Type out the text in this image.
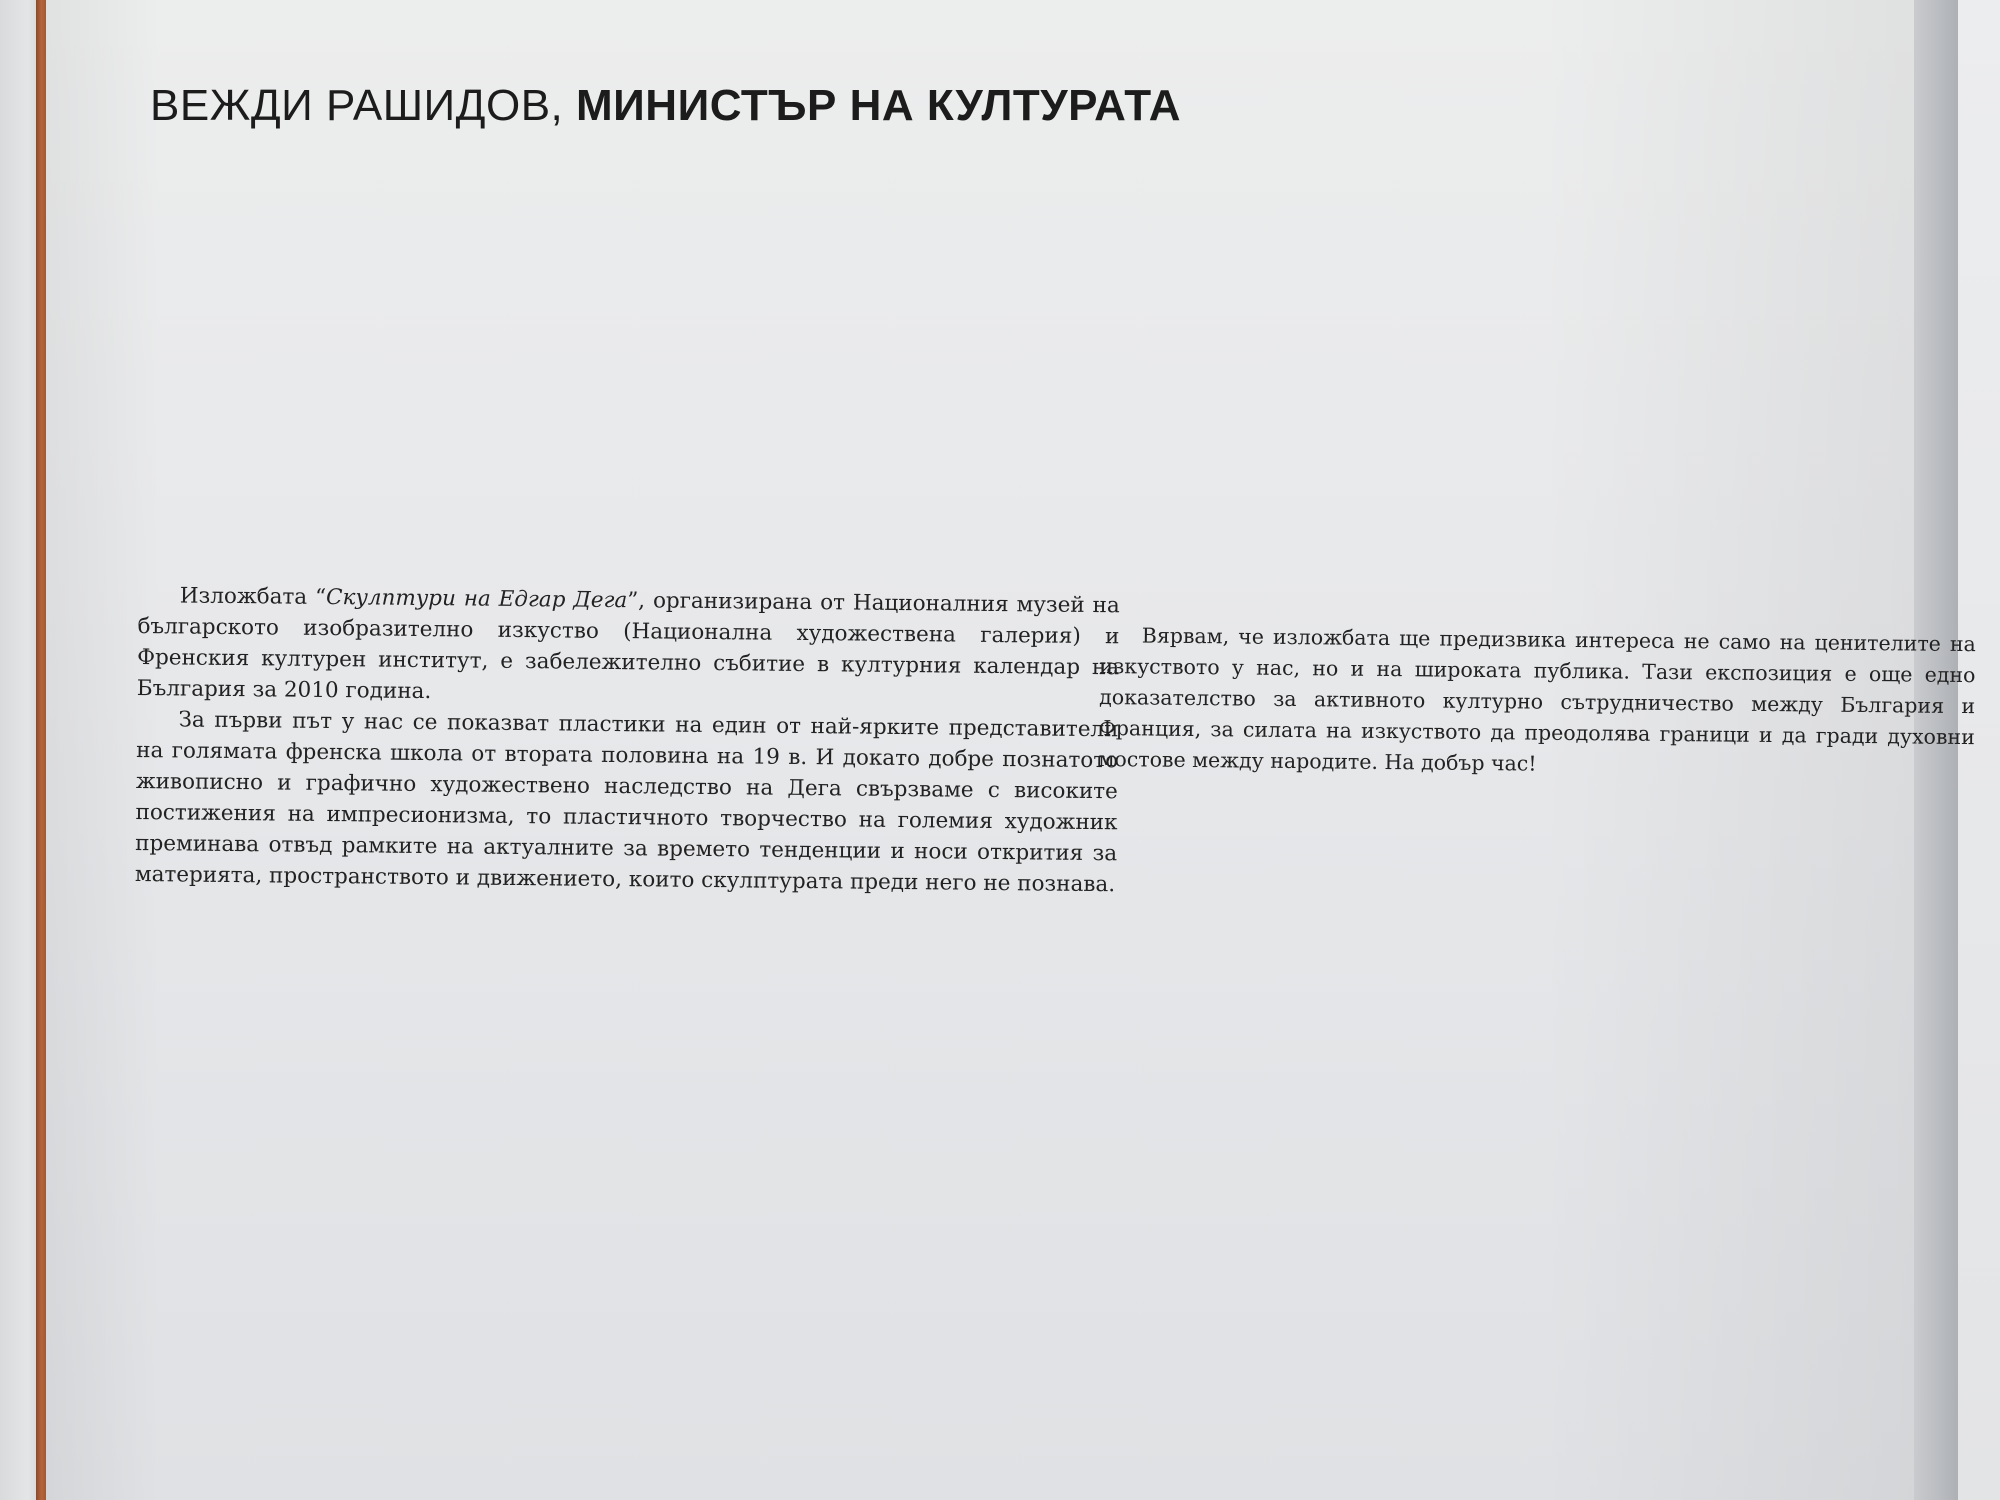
ВЕЖДИ РАШИДОВ, МИНИСТЪР НА КУЛТУРАТА

Изложбата “Скулптури на Едгар Дега”, организирана от Националния музей на българското изобразително изкуство (Национална художествена галерия) и Френския културен институт, е забележително събитие в културния календар на България за 2010 година.

За първи път у нас се показват пластики на един от най-ярките представители на голямата френска школа от втората половина на 19 в. И докато добре познатото живописно и графично художествено наследство на Дега свързваме с високите постижения на импресионизма, то пластичното творчество на големия художник преминава отвъд рамките на актуалните за времето тенденции и носи открития за материята, пространството и движението, които скулптурата преди него не познава.

Вярвам, че изложбата ще предизвика интереса не само на ценителите на изкуството у нас, но и на широката публика. Тази експозиция е още едно доказателство за активното културно сътрудничество между България и Франция, за силата на изкуството да преодолява граници и да гради духовни мостове между народите. На добър час!
